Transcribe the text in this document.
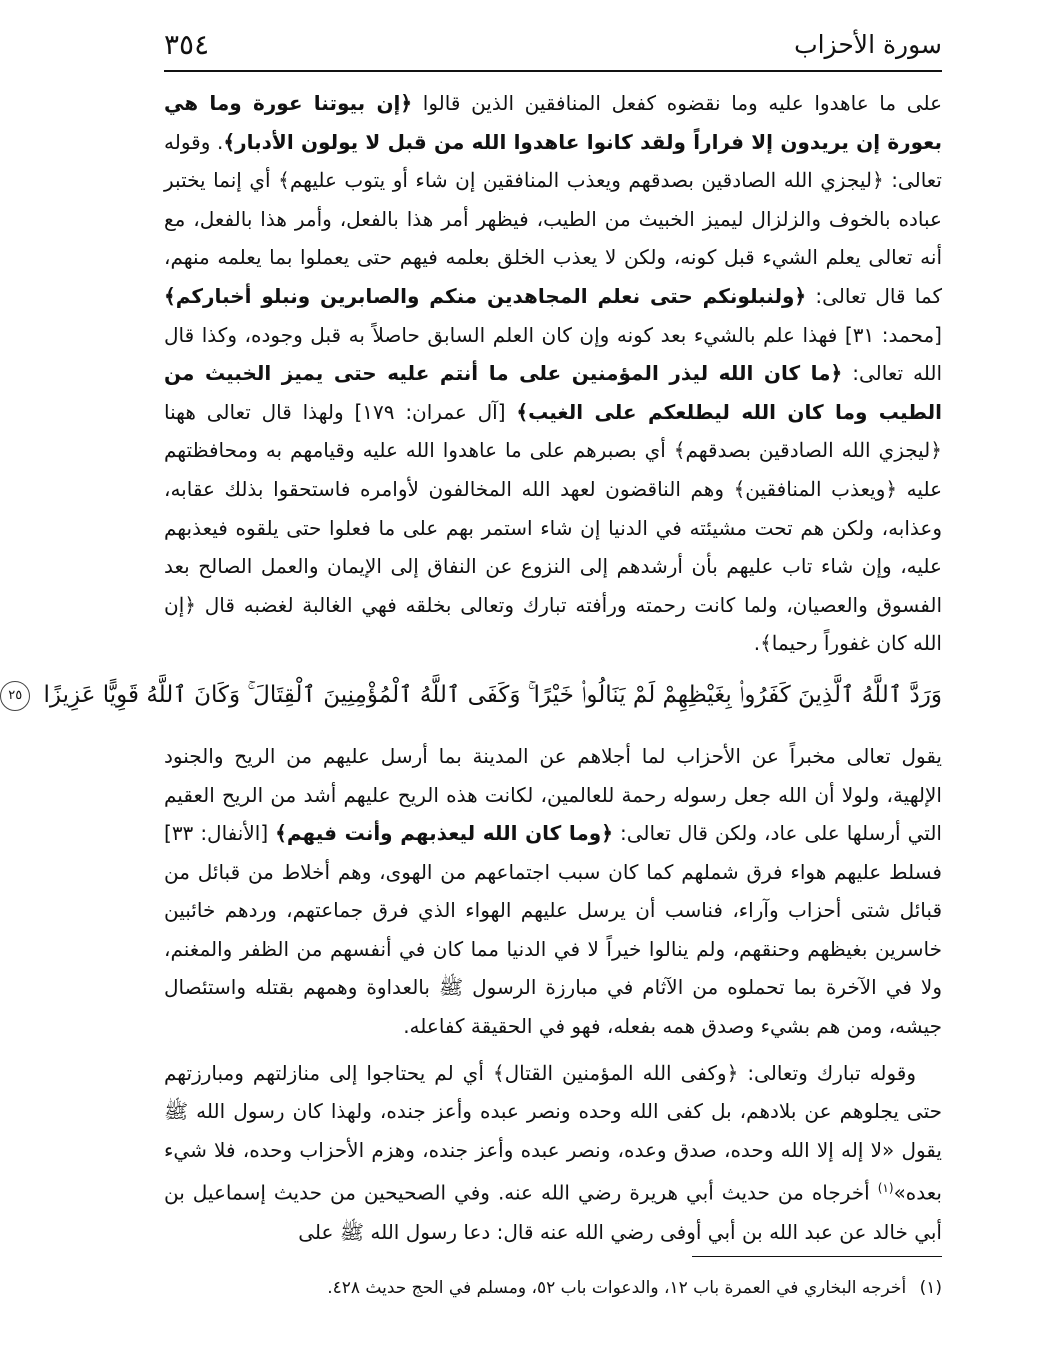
سورة الأحزاب
٣٥٤

على ما عاهدوا عليه وما نقضوه كفعل المنافقين الذين قالوا ﴿إن بيوتنا عورة وما هي بعورة إن يريدون إلا فراراً ولقد كانوا عاهدوا الله من قبل لا يولون الأدبار﴾. وقوله تعالى: ﴿ليجزي الله الصادقين بصدقهم ويعذب المنافقين إن شاء أو يتوب عليهم﴾ أي إنما يختبر عباده بالخوف والزلزال ليميز الخبيث من الطيب، فيظهر أمر هذا بالفعل، وأمر هذا بالفعل، مع أنه تعالى يعلم الشيء قبل كونه، ولكن لا يعذب الخلق بعلمه فيهم حتى يعملوا بما يعلمه منهم، كما قال تعالى: ﴿ولنبلونكم حتى نعلم المجاهدين منكم والصابرين ونبلو أخباركم﴾ [محمد: ٣١] فهذا علم بالشيء بعد كونه وإن كان العلم السابق حاصلاً به قبل وجوده، وكذا قال الله تعالى: ﴿ما كان الله ليذر المؤمنين على ما أنتم عليه حتى يميز الخبيث من الطيب وما كان الله ليطلعكم على الغيب﴾ [آل عمران: ١٧٩] ولهذا قال تعالى ههنا ﴿ليجزي الله الصادقين بصدقهم﴾ أي بصبرهم على ما عاهدوا الله عليه وقيامهم به ومحافظتهم عليه ﴿ويعذب المنافقين﴾ وهم الناقضون لعهد الله المخالفون لأوامره فاستحقوا بذلك عقابه، وعذابه، ولكن هم تحت مشيئته في الدنيا إن شاء استمر بهم على ما فعلوا حتى يلقوه فيعذبهم عليه، وإن شاء تاب عليهم بأن أرشدهم إلى النزوع عن النفاق إلى الإيمان والعمل الصالح بعد الفسوق والعصيان، ولما كانت رحمته ورأفته تبارك وتعالى بخلقه فهي الغالبة لغضبه قال ﴿إن الله كان غفوراً رحيما﴾.

وَرَدَّ ٱللَّهُ ٱلَّذِينَ كَفَرُوا۟ بِغَيْظِهِمْ لَمْ يَنَالُوا۟ خَيْرًا ۚ وَكَفَى ٱللَّهُ ٱلْمُؤْمِنِينَ ٱلْقِتَالَ ۚ وَكَانَ ٱللَّهُ قَوِيًّا عَزِيزًا ٢٥

يقول تعالى مخبراً عن الأحزاب لما أجلاهم عن المدينة بما أرسل عليهم من الريح والجنود الإلهية، ولولا أن الله جعل رسوله رحمة للعالمين، لكانت هذه الريح عليهم أشد من الريح العقيم التي أرسلها على عاد، ولكن قال تعالى: ﴿وما كان الله ليعذبهم وأنت فيهم﴾ [الأنفال: ٣٣] فسلط عليهم هواء فرق شملهم كما كان سبب اجتماعهم من الهوى، وهم أخلاط من قبائل من قبائل شتى أحزاب وآراء، فناسب أن يرسل عليهم الهواء الذي فرق جماعتهم، وردهم خائبين خاسرين بغيظهم وحنقهم، ولم ينالوا خيراً لا في الدنيا مما كان في أنفسهم من الظفر والمغنم، ولا في الآخرة بما تحملوه من الآثام في مبارزة الرسول ﷺ بالعداوة وهمهم بقتله واستئصال جيشه، ومن هم بشيء وصدق همه بفعله، فهو في الحقيقة كفاعله.

وقوله تبارك وتعالى: ﴿وكفى الله المؤمنين القتال﴾ أي لم يحتاجوا إلى منازلتهم ومبارزتهم حتى يجلوهم عن بلادهم، بل كفى الله وحده ونصر عبده وأعز جنده، ولهذا كان رسول الله ﷺ يقول «لا إله إلا الله وحده، صدق وعده، ونصر عبده وأعز جنده، وهزم الأحزاب وحده، فلا شيء بعده»$^{(١)}$ أخرجاه من حديث أبي هريرة رضي الله عنه. وفي الصحيحين من حديث إسماعيل بن أبي خالد عن عبد الله بن أبي أوفى رضي الله عنه قال: دعا رسول الله ﷺ على

(١) أخرجه البخاري في العمرة باب ١٢، والدعوات باب ٥٢، ومسلم في الحج حديث ٤٢٨.
